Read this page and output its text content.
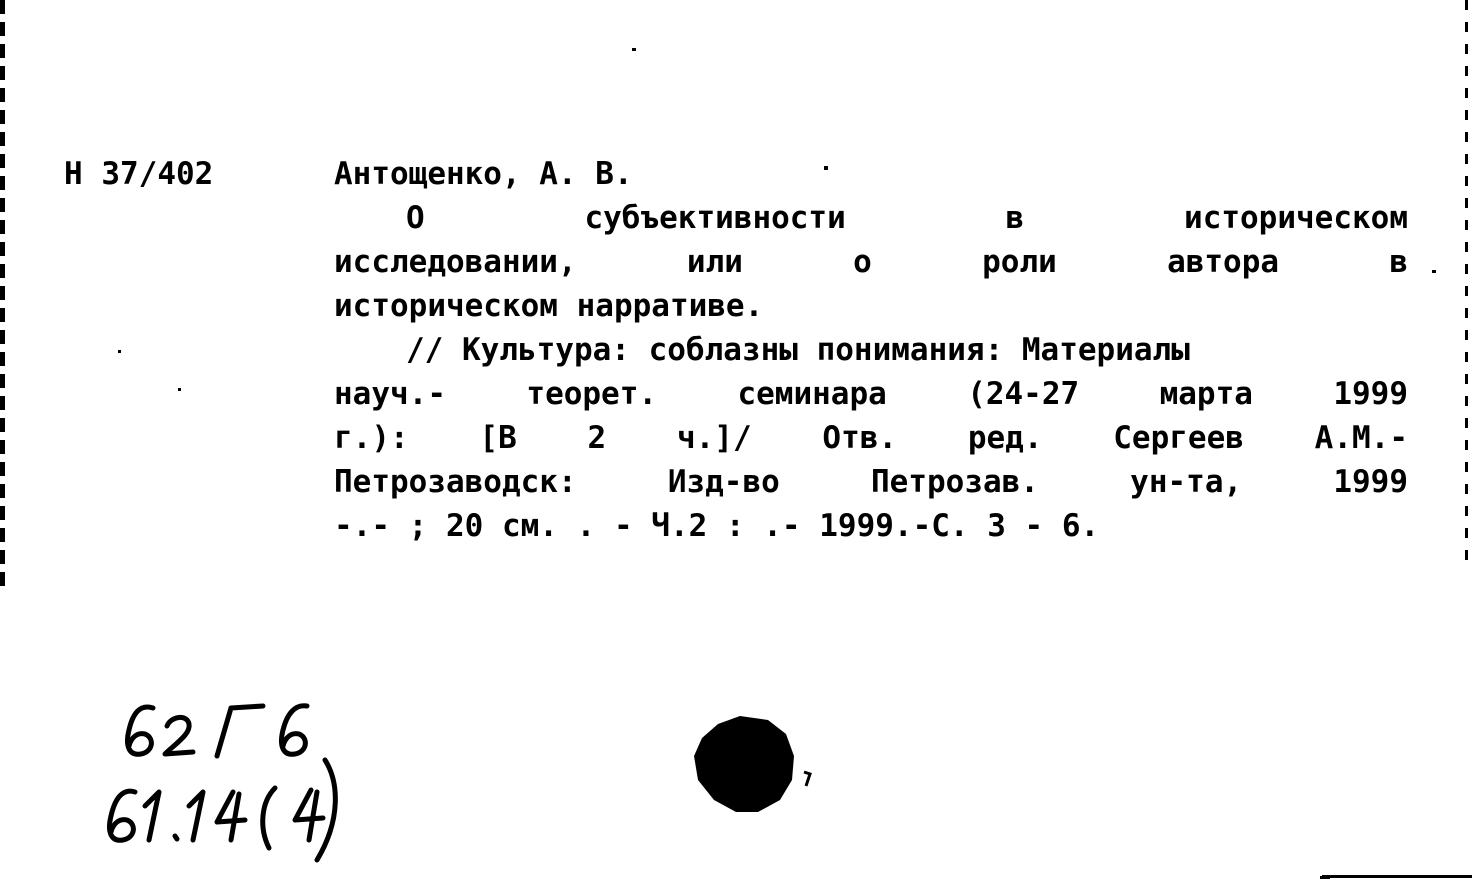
Н 37/402	Антощенко, А. В.
О субъективности в историческом
исследовании, или о роли автора в
историческом нарративе.
// Культура: соблазны понимания: Материалы
науч.- теорет. семинара (24-27 марта 1999
г.): [В 2 ч.]/ Отв. ред. Сергеев А.М.-
Петрозаводск: Изд-во Петрозав. ун-та, 1999
-.- ; 20 см. . - Ч.2 : .- 1999.-С. 3 - 6.
